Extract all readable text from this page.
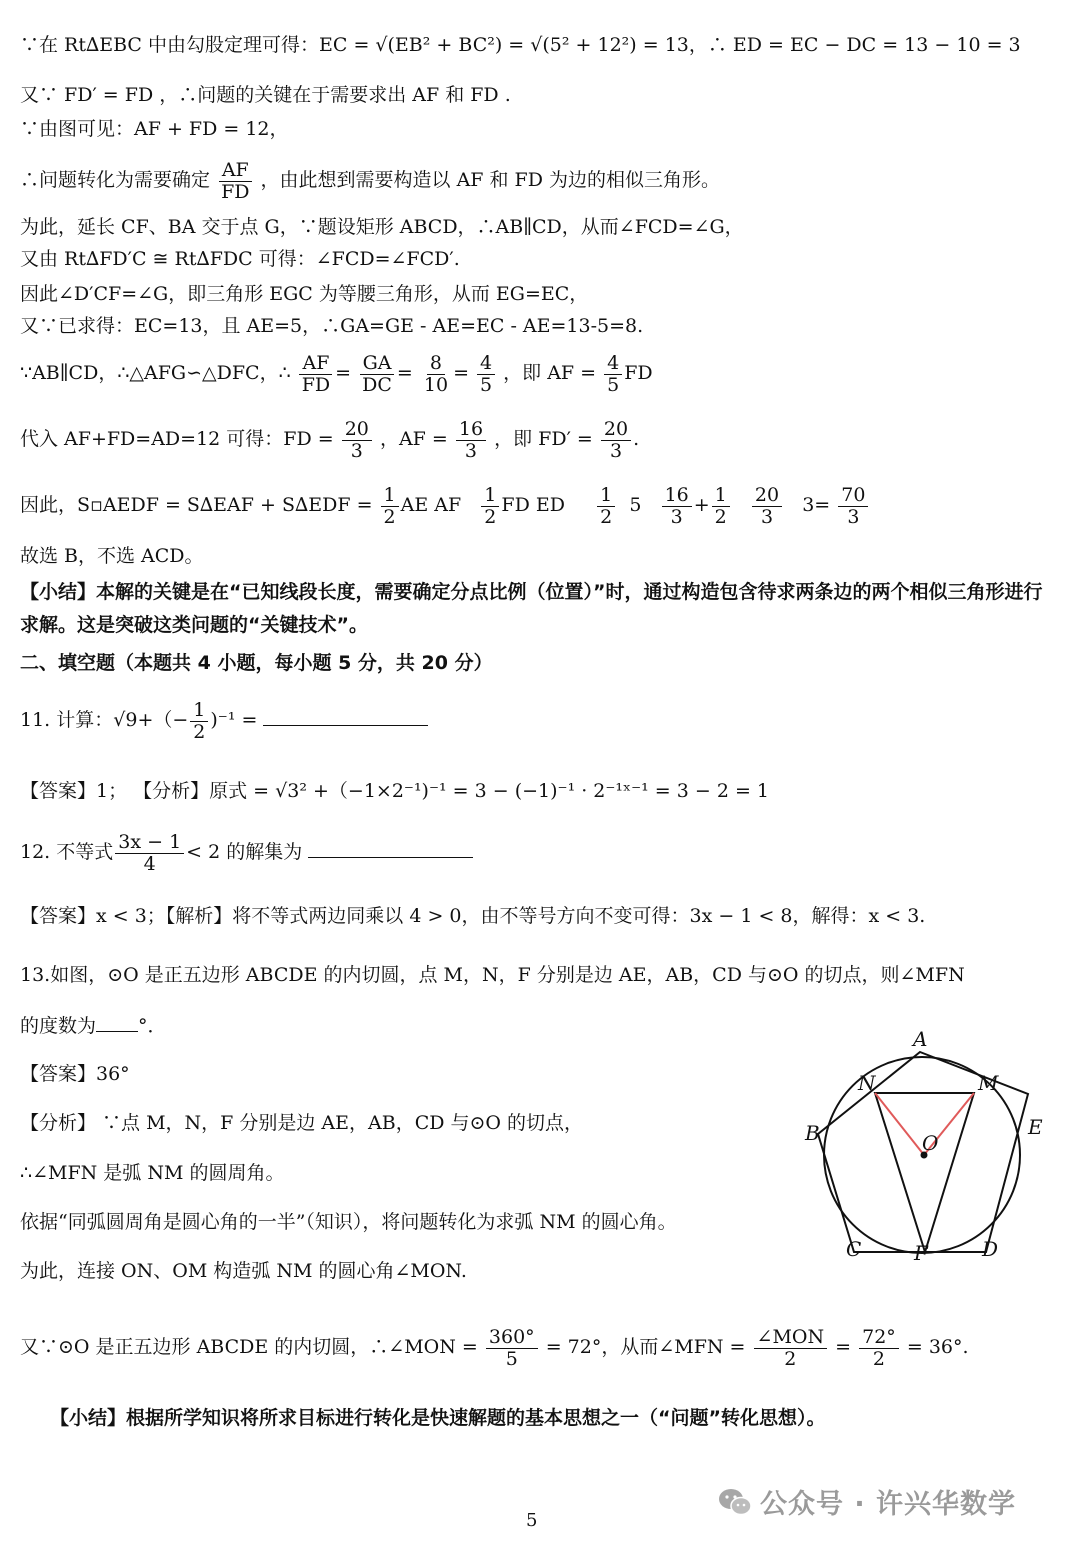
∵在 Rt∆EBC 中由勾股定理可得：EC = √(EB² + BC²) = √(5² + 12²) = 13，∴ ED = EC − DC = 13 − 10 = 3
又∵ FD′ = FD ，∴问题的关键在于需要求出 AF 和 FD .
∵由图可见：AF + FD = 12，
∴问题转化为需要确定 $\frac{AF}{FD}$ ，由此想到需要构造以 AF 和 FD 为边的相似三角形。
为此，延长 CF、BA 交于点 G，∵题设矩形 ABCD，∴AB∥CD，从而∠FCD=∠G，
又由 Rt∆FD′C ≅ Rt∆FDC 可得：∠FCD=∠FCD′.
因此∠D′CF=∠G，即三角形 EGC 为等腰三角形，从而 EG=EC，
又∵已求得：EC=13，且 AE=5，∴GA=GE - AE=EC - AE=13-5=8.
∵AB∥CD，∴△AFG∽△DFC，∴ $\frac{AF}{FD} = \frac{GA}{DC} = \frac{8}{10} = \frac{4}{5}$ ，即 AF = $\frac{4}{5}$ FD
代入 AF+FD=AD=12 可得：FD = $\frac{20}{3}$ ，AF = $\frac{16}{3}$ ，即 $FD' = \frac{20}{3}$ .
因此，S▫AEDF = $S\Delta EAF + S\Delta EDF = \frac{1}{2}$ AE AF $\frac{1}{2}$ FD ED $\frac{1}{2} 5 \frac{16}{3} + \frac{1}{2}$
$\frac{20}{3} 3= \frac{70}{3}$
故选 B，不选 ACD。
【小结】本解的关键是在“已知线段长度，需要确定分点比例（位置）”时，通过构造包含待求两条边的两个相似三角形进行求解。这是突破这类问题的“关键技术”。
二、填空题（本题共 4 小题，每小题 5 分，共 20 分）
11. 计算：$√9+(- \frac{1}{2} )^{-1}$ =
【答案】1； 【分析】原式 = √3² +（−1×2⁻¹)⁻¹ = 3 − (−1)⁻¹ · 2⁻¹ˣ⁻¹ = 3 − 2 = 1
12. 不等式 $\frac{3x - 1}{4} < 2$ 的解集为
【答案】x < 3；【解析】将不等式两边同乘以 4 > 0，由不等号方向不变可得：3x − 1 < 8，解得：x < 3.
13.如图，⊙O 是正五边形 ABCDE 的内切圆，点 M，N，F 分别是边 AE，AB，CD 与⊙O 的切点，则∠MFN
的度数为 °．
【答案】36°
【分析】 ∵点 M，N，F 分别是边 AE，AB，CD 与⊙O 的切点，
∴∠MFN 是弧 NM 的圆周角。
依据“同弧圆周角是圆心角的一半”（知识），将问题转化为求弧 NM 的圆心角。
为此，连接 ON、OM 构造弧 NM 的圆心角∠MON.
又∵⊙O 是正五边形 ABCDE 的内切圆，∴∠MON = $\frac{360^\circ}{5} = 72^\circ$，从而∠MFN = $\frac{\text{∠MON}}{2} = \frac{72^\circ}{2} = 36^\circ$.
【小结】根据所学知识将所求目标进行转化是快速解题的基本思想之一（“问题”转化思想）。
A
N	M
B	E
O
C	F	D
公众号 · 许兴华数学
5
